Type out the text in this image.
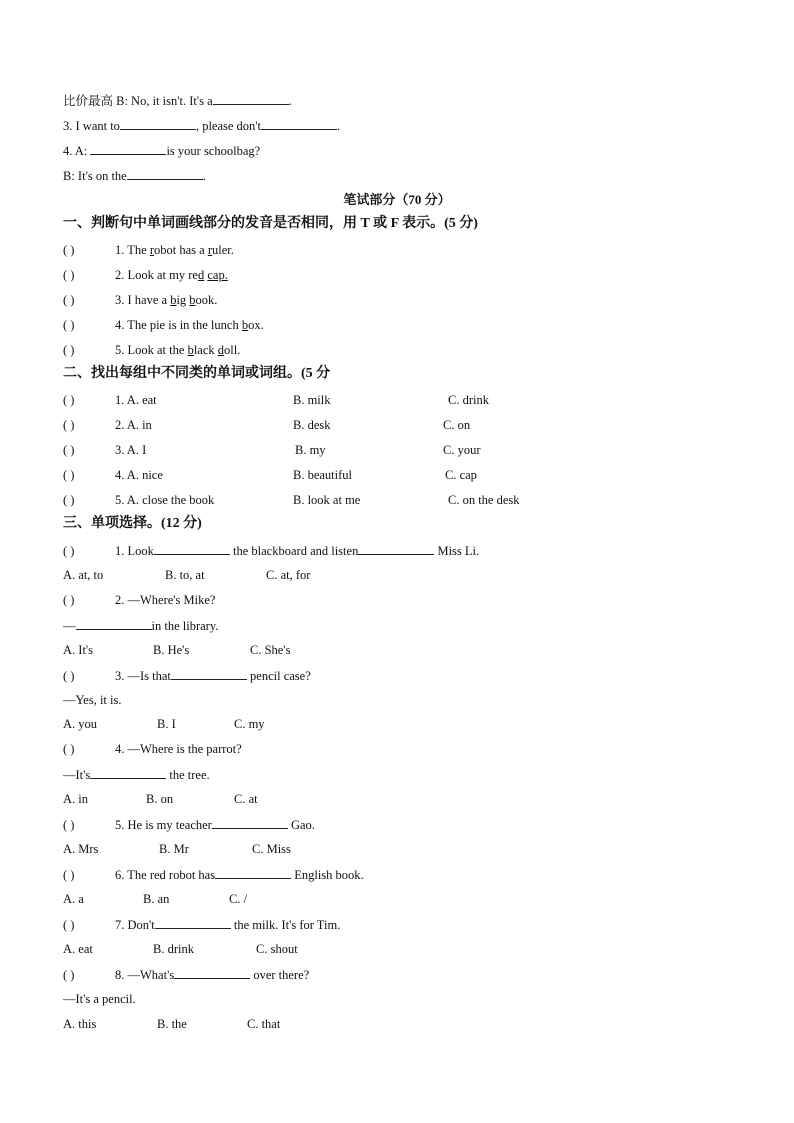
比价最高 B: No, it isn't. It's a	.
3. I want to	, please don't	.
4. A:	is your schoolbag?
B: It's on the	.
笔试部分（70 分）
一、判断句中单词画线部分的发音是否相同，用 T 或 F 表示。(5 分)
( )	1. The robot has a ruler.
( )	2. Look at my red cap.
( )	3. I have a big book.
( )	4. The pie is in the lunch box.
( )	5. Look at the black doll.
二、找出每组中不同类的单词或词组。(5 分
( )	1. A. eat	B. milk	C. drink
( )	2. A. in	B. desk	C. on
( )	3. A. I	B. my	C. your
( )	4. A. nice	B. beautiful	C. cap
( )	5. A. close the book	B. look at me	C. on the desk
三、单项选择。(12 分)
( )	1. Look	the blackboard and listen	Miss Li.
A. at, to	B. to, at	C. at, for
( )	2. —Where's Mike?
—	in the library.
A. It's	B. He's	C. She's
( )	3. —Is that	pencil case?
—Yes, it is.
A. you	B. I	C. my
( )	4. —Where is the parrot?
—It's	the tree.
A. in	B. on	C. at
( )	5. He is my teacher	Gao.
A. Mrs	B. Mr	C. Miss
( )	6. The red robot has	English book.
A. a	B. an	C. /
( )	7. Don't	the milk. It's for Tim.
A. eat	B. drink	C. shout
( )	8. —What's	over there?
—It's a pencil.
A. this	B. the	C. that
